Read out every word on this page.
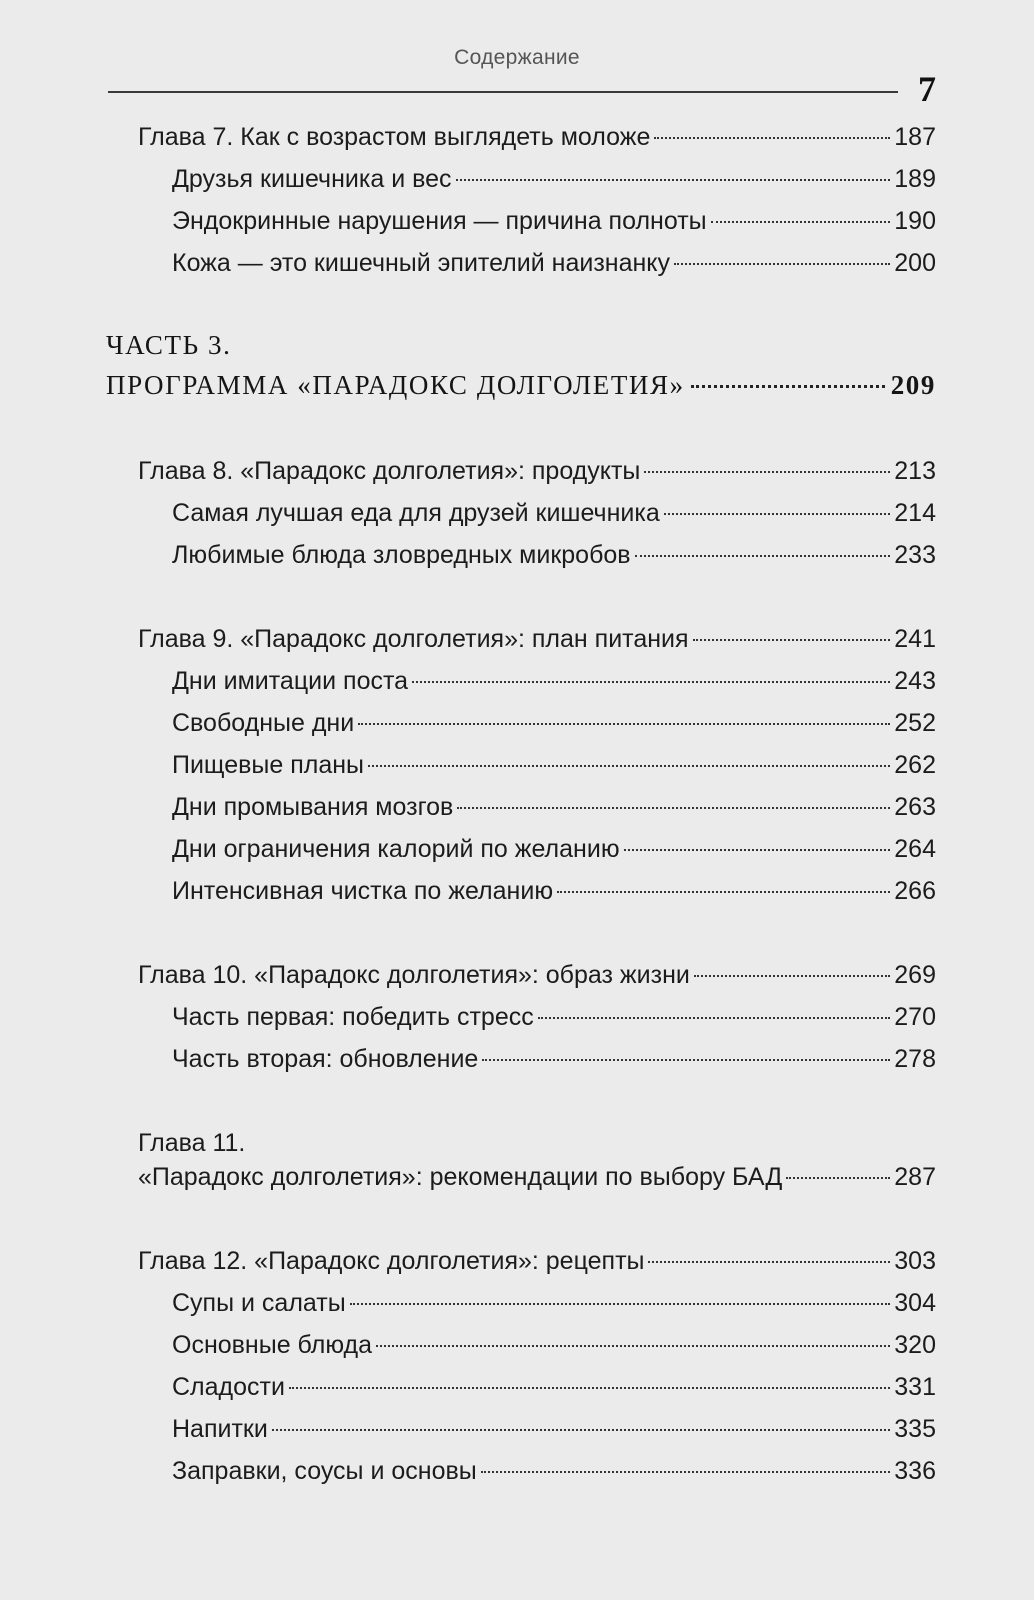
Содержание
7
Глава 7. Как с возрастом выглядеть моложе	187
Друзья кишечника и вес	189
Эндокринные нарушения — причина полноты	190
Кожа — это кишечный эпителий наизнанку	200
ЧАСТЬ 3.
ПРОГРАММА «ПАРАДОКС ДОЛГОЛЕТИЯ»	209
Глава 8. «Парадокс долголетия»: продукты	213
Самая лучшая еда для друзей кишечника	214
Любимые блюда зловредных микробов	233
Глава 9. «Парадокс долголетия»: план питания	241
Дни имитации поста	243
Свободные дни	252
Пищевые планы	262
Дни промывания мозгов	263
Дни ограничения калорий по желанию	264
Интенсивная чистка по желанию	266
Глава 10. «Парадокс долголетия»: образ жизни	269
Часть первая: победить стресс	270
Часть вторая: обновление	278
Глава 11.
«Парадокс долголетия»: рекомендации по выбору БАД	287
Глава 12. «Парадокс долголетия»: рецепты	303
Супы и салаты	304
Основные блюда	320
Сладости	331
Напитки	335
Заправки, соусы и основы	336
